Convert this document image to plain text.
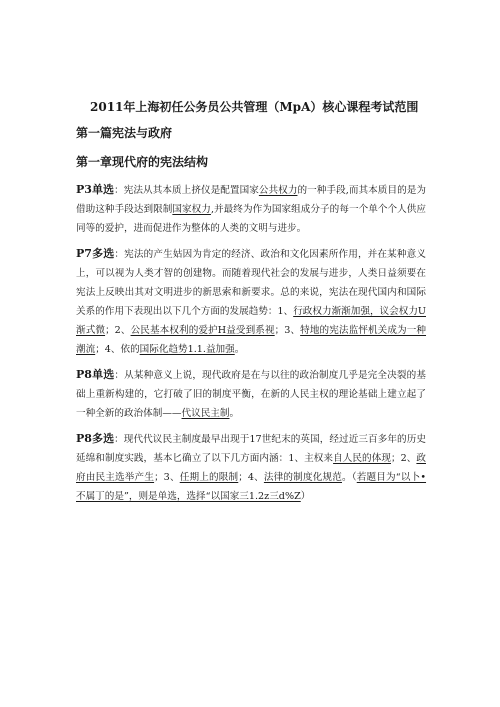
2011年上海初任公务员公共管理（MpA）核心课程考试范围第一篇宪法与政府

第一章现代府的宪法结构

P3单选：宪法从其本质上挤仪是配置国家公共权力的一种手段,而其本质目的是为借助这种手段达到限制国家权力,并最终为作为国家组成分子的每一个单个个人供应同等的爱护，进而促进作为整体的人类的文明与进步。

P7多选：宪法的产生姑因为肯定的经济、政治和文化因素所作用，并在某种意义上，可以视为人类才智的创建物。而随着现代社会的发展与进步，人类日益须要在宪法上反映出其对文明进步的新思索和新要求。总的来说，宪法在现代国内和国际关系的作用下表现出以下几个方面的发展趋势：1、行政权力渐渐加强，议会权力U渐式微；2、公民基本权利的爱护H益受到系视；3、特地的宪法监怦机关成为一种潮流；4、依的国际化趋势1.1.益加强。

P8单选：从某种意义上说，现代政府是在与以往的政治制度几乎是完全决裂的基础上重新构建的，它打破了旧的制度平衡，在新的人民主权的理论基础上建立起了一种全新的政治体制——代议民主制。

P8多选：现代代议民主制度最早出现于17世纪末的英国，经过近三百多年的历史延绵和制度实践，基本匕确立了以下几方面内涵：1、主权来自人民的体现；2、政府由民主选举产生；3、任期上的限制；4、法律的制度化规范。（若题目为“以卜•不属丁的是”，则是单选，选择“以国家三1.2z三d%Z）
